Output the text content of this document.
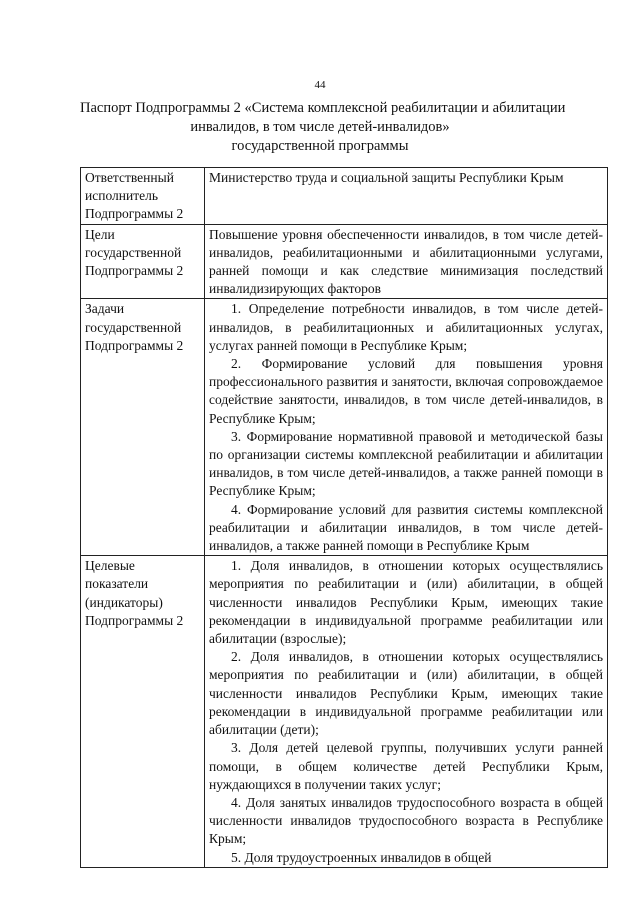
44
Паспорт Подпрограммы 2 «Система комплексной реабилитации и абилитации
инвалидов, в том числе детей-инвалидов»
государственной программы
Ответственный исполнитель Подпрограммы 2	Министерство труда и социальной защиты Республики Крым

Цели государственной Подпрограммы 2	Повышение уровня обеспеченности инвалидов, в том числе детей-инвалидов, реабилитационными и абилитационными услугами, ранней помощи и как следствие минимизация последствий инвалидизирующих факторов

Задачи государственной Подпрограммы 2	1. Определение потребности инвалидов, в том числе детей-инвалидов, в реабилитационных и абилитационных услугах, услугах ранней помощи в Республике Крым;
2. Формирование условий для повышения уровня профессионального развития и занятости, включая сопровождаемое содействие занятости, инвалидов, в том числе детей-инвалидов, в Республике Крым;
3. Формирование нормативной правовой и методической базы по организации системы комплексной реабилитации и абилитации инвалидов, в том числе детей-инвалидов, а также ранней помощи в Республике Крым;
4. Формирование условий для развития системы комплексной реабилитации и абилитации инвалидов, в том числе детей-инвалидов, а также ранней помощи в Республике Крым

Целевые показатели (индикаторы) Подпрограммы 2	1. Доля инвалидов, в отношении которых осуществлялись мероприятия по реабилитации и (или) абилитации, в общей численности инвалидов Республики Крым, имеющих такие рекомендации в индивидуальной программе реабилитации или абилитации (взрослые);
2. Доля инвалидов, в отношении которых осуществлялись мероприятия по реабилитации и (или) абилитации, в общей численности инвалидов Республики Крым, имеющих такие рекомендации в индивидуальной программе реабилитации или абилитации (дети);
3. Доля детей целевой группы, получивших услуги ранней помощи, в общем количестве детей Республики Крым, нуждающихся в получении таких услуг;
4. Доля занятых инвалидов трудоспособного возраста в общей численности инвалидов трудоспособного возраста в Республике Крым;
5. Доля трудоустроенных инвалидов в общей
